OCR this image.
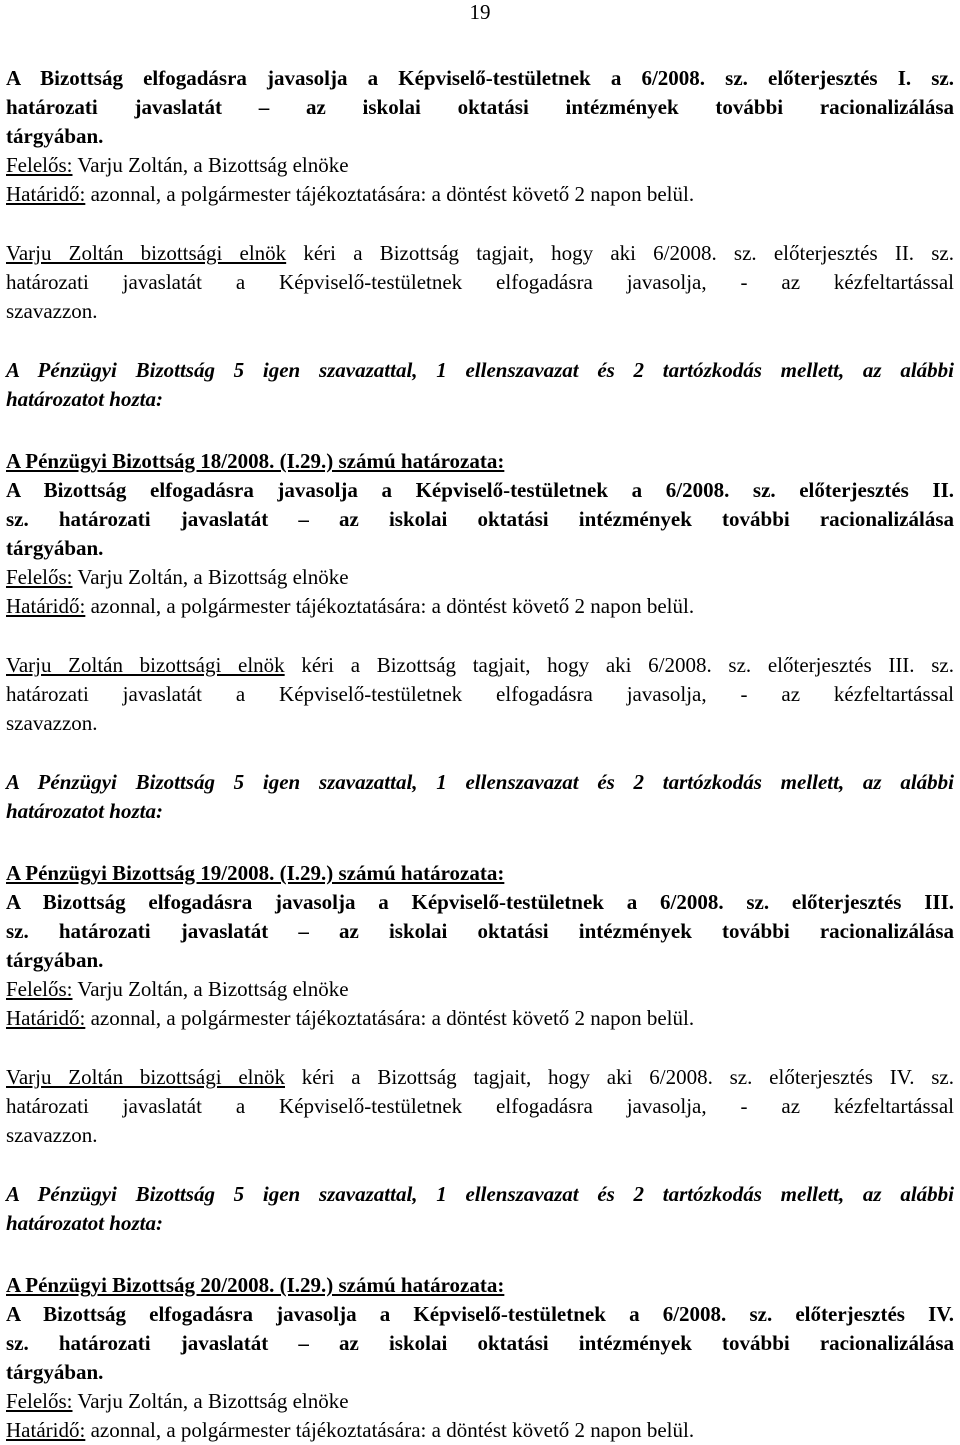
19
A Bizottság elfogadásra javasolja a Képviselő-testületnek a 6/2008. sz. előterjesztés I. sz.
határozati javaslatát – az iskolai oktatási intézmények további racionalizálása
tárgyában.
Felelős: Varju Zoltán, a Bizottság elnöke
Határidő: azonnal, a polgármester tájékoztatására: a döntést követő 2 napon belül.
Varju Zoltán bizottsági elnök kéri a Bizottság tagjait, hogy aki 6/2008. sz. előterjesztés II. sz.
határozati javaslatát a Képviselő-testületnek elfogadásra javasolja, - az kézfeltartással
szavazzon.
A Pénzügyi Bizottság 5 igen szavazattal, 1 ellenszavazat és 2 tartózkodás mellett, az alábbi
határozatot hozta:
A Pénzügyi Bizottság 18/2008. (I.29.) számú határozata:
A Bizottság elfogadásra javasolja a Képviselő-testületnek a 6/2008. sz. előterjesztés II.
sz. határozati javaslatát – az iskolai oktatási intézmények további racionalizálása
tárgyában.
Felelős: Varju Zoltán, a Bizottság elnöke
Határidő: azonnal, a polgármester tájékoztatására: a döntést követő 2 napon belül.
Varju Zoltán bizottsági elnök kéri a Bizottság tagjait, hogy aki 6/2008. sz. előterjesztés III. sz.
határozati javaslatát a Képviselő-testületnek elfogadásra javasolja, - az kézfeltartással
szavazzon.
A Pénzügyi Bizottság 5 igen szavazattal, 1 ellenszavazat és 2 tartózkodás mellett, az alábbi
határozatot hozta:
A Pénzügyi Bizottság 19/2008. (I.29.) számú határozata:
A Bizottság elfogadásra javasolja a Képviselő-testületnek a 6/2008. sz. előterjesztés III.
sz. határozati javaslatát – az iskolai oktatási intézmények további racionalizálása
tárgyában.
Felelős: Varju Zoltán, a Bizottság elnöke
Határidő: azonnal, a polgármester tájékoztatására: a döntést követő 2 napon belül.
Varju Zoltán bizottsági elnök kéri a Bizottság tagjait, hogy aki 6/2008. sz. előterjesztés IV. sz.
határozati javaslatát a Képviselő-testületnek elfogadásra javasolja, - az kézfeltartással
szavazzon.
A Pénzügyi Bizottság 5 igen szavazattal, 1 ellenszavazat és 2 tartózkodás mellett, az alábbi
határozatot hozta:
A Pénzügyi Bizottság 20/2008. (I.29.) számú határozata:
A Bizottság elfogadásra javasolja a Képviselő-testületnek a 6/2008. sz. előterjesztés IV.
sz. határozati javaslatát – az iskolai oktatási intézmények további racionalizálása
tárgyában.
Felelős: Varju Zoltán, a Bizottság elnöke
Határidő: azonnal, a polgármester tájékoztatására: a döntést követő 2 napon belül.
